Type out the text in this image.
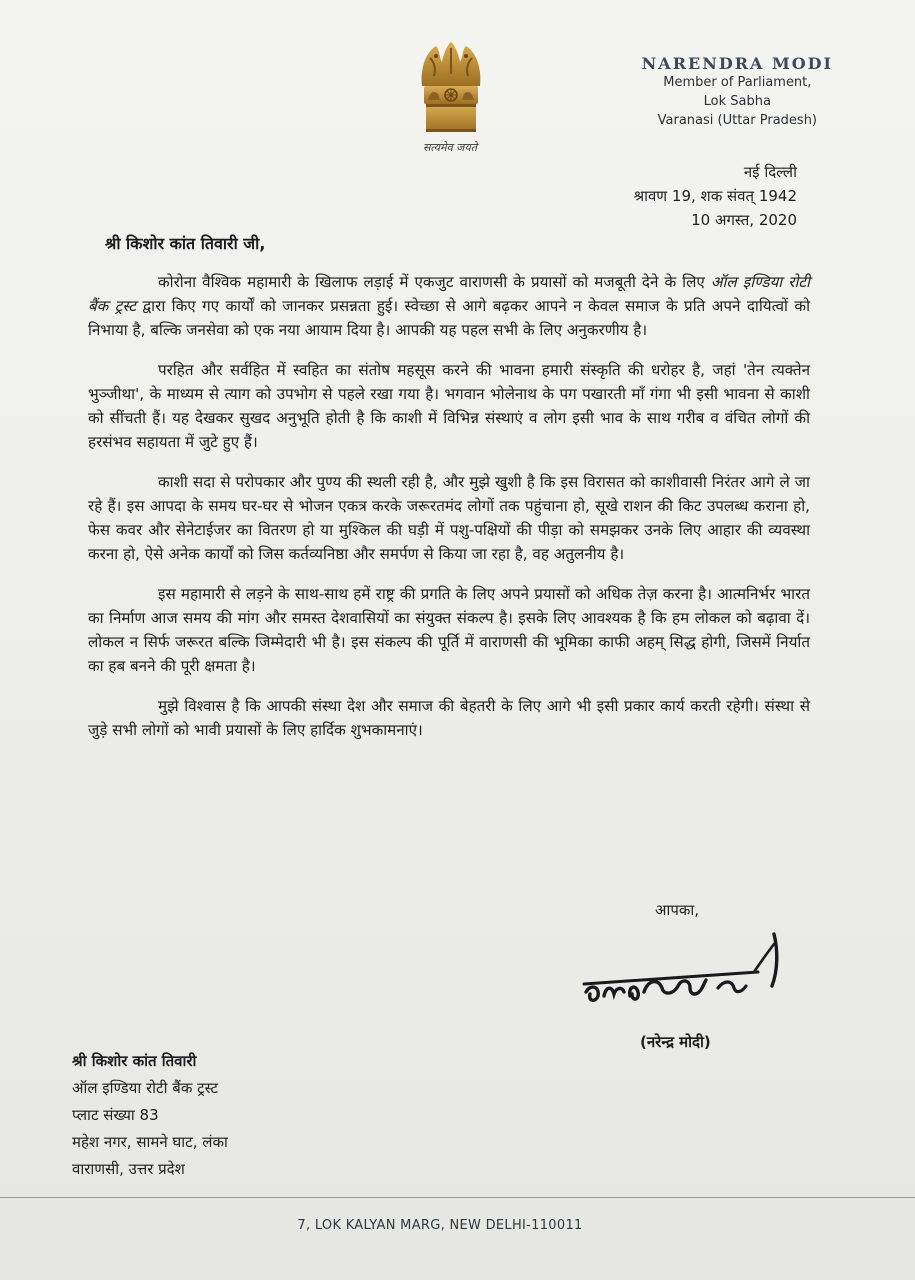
सत्यमेव जयते
NARENDRA MODI
Member of Parliament,
Lok Sabha
Varanasi (Uttar Pradesh)
नई दिल्ली
श्रावण 19, शक संवत् 1942
10 अगस्त, 2020
श्री किशोर कांत तिवारी जी,

कोरोना वैश्विक महामारी के खिलाफ लड़ाई में एकजुट वाराणसी के प्रयासों को मजबूती देने के लिए ऑल इण्डिया रोटी बैंक ट्रस्ट द्वारा किए गए कार्यों को जानकर प्रसन्नता हुई। स्वेच्छा से आगे बढ़कर आपने न केवल समाज के प्रति अपने दायित्वों को निभाया है, बल्कि जनसेवा को एक नया आयाम दिया है। आपकी यह पहल सभी के लिए अनुकरणीय है।

परहित और सर्वहित में स्वहित का संतोष महसूस करने की भावना हमारी संस्कृति की धरोहर है, जहां 'तेन त्यक्तेन भुञ्जीथा', के माध्यम से त्याग को उपभोग से पहले रखा गया है। भगवान भोलेनाथ के पग पखारती माँ गंगा भी इसी भावना से काशी को सींचती हैं। यह देखकर सुखद अनुभूति होती है कि काशी में विभिन्न संस्थाएं व लोग इसी भाव के साथ गरीब व वंचित लोगों की हरसंभव सहायता में जुटे हुए हैं।

काशी सदा से परोपकार और पुण्य की स्थली रही है, और मुझे खुशी है कि इस विरासत को काशीवासी निरंतर आगे ले जा रहे हैं। इस आपदा के समय घर-घर से भोजन एकत्र करके जरूरतमंद लोगों तक पहुंचाना हो, सूखे राशन की किट उपलब्ध कराना हो, फेस कवर और सेनेटाईजर का वितरण हो या मुश्किल की घड़ी में पशु-पक्षियों की पीड़ा को समझकर उनके लिए आहार की व्यवस्था करना हो, ऐसे अनेक कार्यों को जिस कर्तव्यनिष्ठा और समर्पण से किया जा रहा है, वह अतुलनीय है।

इस महामारी से लड़ने के साथ-साथ हमें राष्ट्र की प्रगति के लिए अपने प्रयासों को अधिक तेज़ करना है। आत्मनिर्भर भारत का निर्माण आज समय की मांग और समस्त देशवासियों का संयुक्त संकल्प है। इसके लिए आवश्यक है कि हम लोकल को बढ़ावा दें। लोकल न सिर्फ जरूरत बल्कि जिम्मेदारी भी है। इस संकल्प की पूर्ति में वाराणसी की भूमिका काफी अहम् सिद्ध होगी, जिसमें निर्यात का हब बनने की पूरी क्षमता है।

मुझे विश्वास है कि आपकी संस्था देश और समाज की बेहतरी के लिए आगे भी इसी प्रकार कार्य करती रहेगी। संस्था से जुड़े सभी लोगों को भावी प्रयासों के लिए हार्दिक शुभकामनाएं।

आपका,
(नरेन्द्र मोदी)
श्री किशोर कांत तिवारी
ऑल इण्डिया रोटी बैंक ट्रस्ट
प्लाट संख्या 83
महेश नगर, सामने घाट, लंका
वाराणसी, उत्तर प्रदेश
7, LOK KALYAN MARG, NEW DELHI-110011
